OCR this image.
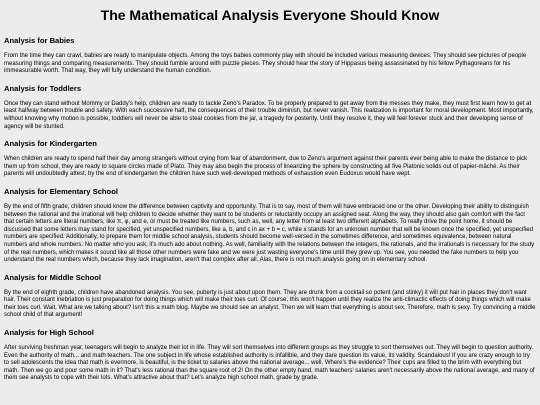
The Mathematical Analysis Everyone Should Know
Analysis for Babies

From the time they can crawl, babies are ready to manipulate objects. Among the toys babies commonly play with should be included various measuring devices. They should see pictures of people measuring things and comparing measurements. They should fumble around with puzzle pieces. They should hear the story of Hippasus being assassinated by his fellow Pythagoreans for his immeasurable worth. That way, they will fully understand the human condition.

Analysis for Toddlers

Once they can stand without Mommy or Daddy's help, children are ready to tackle Zeno's Paradox. To be properly prepared to get away from the messes they make, they must first learn how to get at least halfway between trouble and safety. With each successive half, the consequences of their trouble diminish, but never vanish. This realization is important for moral development. Most importantly, without knowing why motion is possible, toddlers will never be able to steal cookies from the jar, a tragedy for posterity. Until they resolve it, they will feel forever stuck and their developing sense of agency will be stunted.

Analysis for Kindergarten

When children are ready to spend half their day among strangers without crying from fear of abandonment, due to Zeno's argument against their parents ever being able to make the distance to pick them up from school, they are ready to square circles made of Plato. They may also begin the process of linearizing the sphere by constructing all five Platonic solids out of papier-mâché. As their parents will undoubtedly attest, by the end of kindergarten the children have such well-developed methods of exhaustion even Eudoxus would have wept.

Analysis for Elementary School

By the end of fifth grade, children should know the difference between captivity and opportunity. That is to say, most of them will have embraced one or the other. Developing their ability to distinguish between the rational and the irrational will help children to decide whether they want to be students or reluctantly occupy an assigned seat. Along the way, they should also gain comfort with the fact that certain letters are literal numbers, like π, φ, and e, or must be treated like numbers, such as, well, any letter from at least two different alphabets. To really drive the point home, it should be discussed that some letters may stand for specified, yet unspecified numbers, like a, b, and c in ax + b = c, while x stands for an unknown number that will be known once the specified, yet unspecified numbers are specified. Additionally, to prepare them for middle school analysis, students should become well-versed in the sometimes difference, and sometimes equivalence, between natural numbers and whole numbers. No matter who you ask, it's much ado about nothing. As well, familiarity with the relations between the integers, the rationals, and the irrationals is necessary for the study of the real numbers, which makes it sound like all those other numbers were fake and we were just wasting everyone's time until they grew up. You see, you needed the fake numbers to help you understand the real numbers which, because they lack imagination, aren't that complex after all. Alas, there is not much analysis going on in elementary school.

Analysis for Middle School

By the end of eighth grade, children have abandoned analysis. You see, puberty is just about upon them. They are drunk from a cocktail so potent (and stinky) it will put hair in places they don't want hair. Their constant inebriation is just preparation for doing things which will make their toes curl. Of course, this won't happen until they realize the anti-climactic effects of doing things which will make their toes curl. Wait. What are we talking about? Isn't this a math blog. Maybe we should see an analyst. Then we will learn that everything is about sex. Therefore, math is sexy. Try convincing a middle school child of that argument!

Analysis for High School

After surviving freshman year, teenagers will begin to analyze their lot in life. They will sort themselves into different groups as they struggle to sort themselves out. They will begin to question authority. Even the authority of math... and math teachers. The one subject in life whose established authority is infallible, and they dare question its value, its validity. Scandalous! If you are crazy enough to try to sell adolescents the idea that math is evermore, is beautiful, is the ticket to salaries above the national average... well. Where's the evidence? Their cups are filled to the brim with everything but math. Then we go and pour some math in it? That's less rational than the square root of 2! On the other empty hand, math teachers' salaries aren't necessarily above the national average, and many of them see analysts to cope with their lots. What's attractive about that? Let's analyze high school math, grade by grade.
